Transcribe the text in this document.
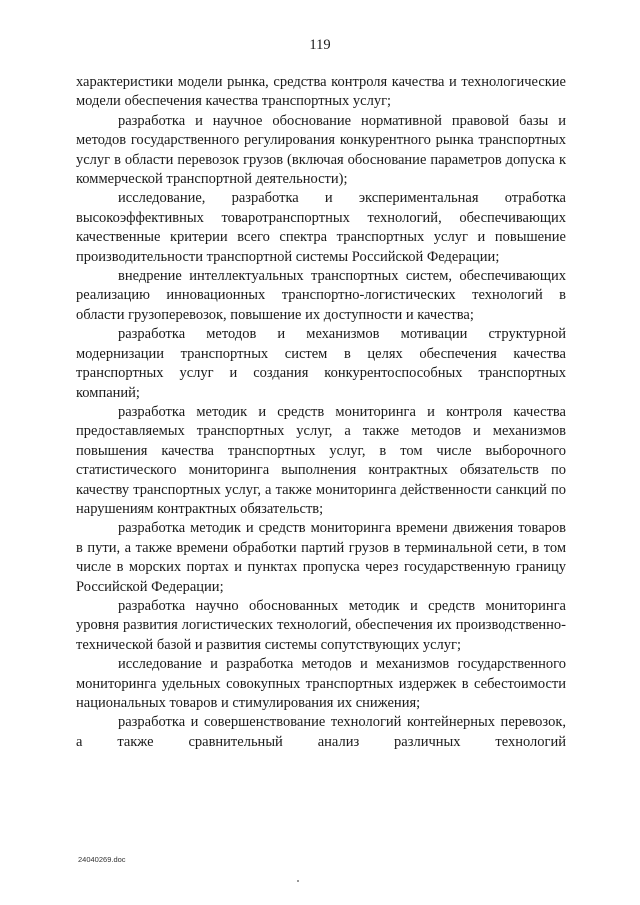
119

характеристики модели рынка, средства контроля качества и технологические модели обеспечения качества транспортных услуг;

разработка и научное обоснование нормативной правовой базы и методов государственного регулирования конкурентного рынка транспортных услуг в области перевозок грузов (включая обоснование параметров допуска к коммерческой транспортной деятельности);

исследование, разработка и экспериментальная отработка высокоэффективных товаротранспортных технологий, обеспечивающих качественные критерии всего спектра транспортных услуг и повышение производительности транспортной системы Российской Федерации;

внедрение интеллектуальных транспортных систем, обеспечивающих реализацию инновационных транспортно-логистических технологий в области грузоперевозок, повышение их доступности и качества;

разработка методов и механизмов мотивации структурной модернизации транспортных систем в целях обеспечения качества транспортных услуг и создания конкурентоспособных транспортных компаний;

разработка методик и средств мониторинга и контроля качества предоставляемых транспортных услуг, а также методов и механизмов повышения качества транспортных услуг, в том числе выборочного статистического мониторинга выполнения контрактных обязательств по качеству транспортных услуг, а также мониторинга действенности санкций по нарушениям контрактных обязательств;

разработка методик и средств мониторинга времени движения товаров в пути, а также времени обработки партий грузов в терминальной сети, в том числе в морских портах и пунктах пропуска через государственную границу Российской Федерации;

разработка научно обоснованных методик и средств мониторинга уровня развития логистических технологий, обеспечения их производственно-технической базой и развития системы сопутствующих услуг;

исследование и разработка методов и механизмов государственного мониторинга удельных совокупных транспортных издержек в себестоимости национальных товаров и стимулирования их снижения;

разработка и совершенствование технологий контейнерных перевозок, а также сравнительный анализ различных технологий

24040269.doc
